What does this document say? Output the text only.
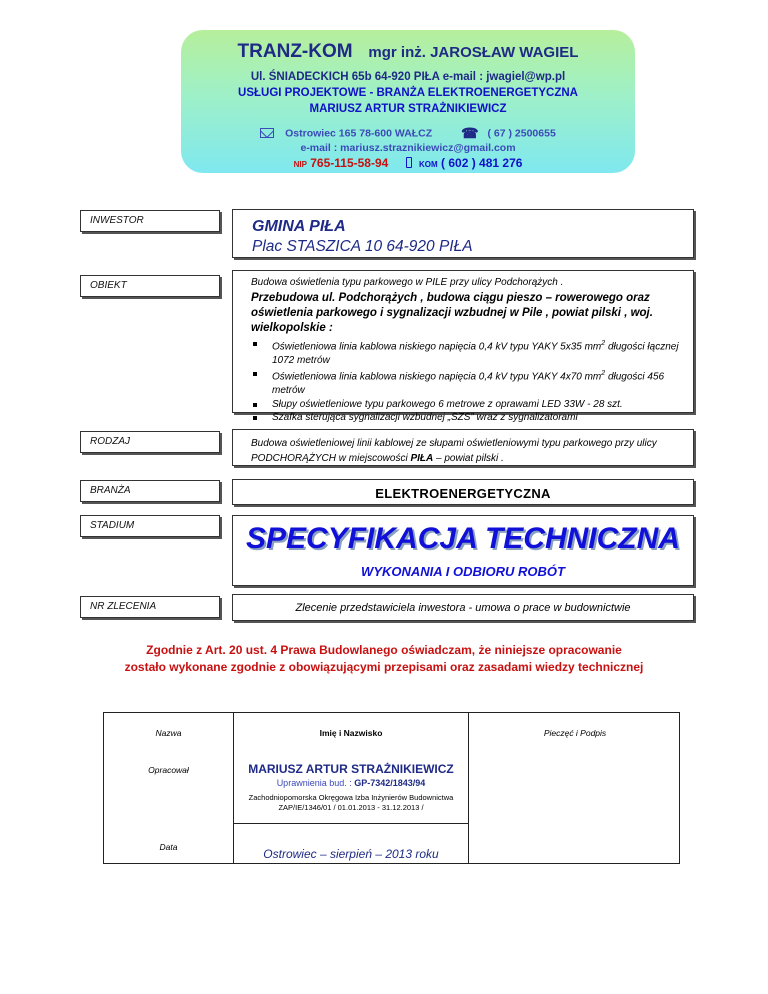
TRANZ-KOM mgr inż. JAROSŁAW WAGIEL
Ul. ŚNIADECKICH 65b 64-920 PIŁA e-mail : jwagiel@wp.pl
USŁUGI PROJEKTOWE - BRANŻA ELEKTROENERGETYCZNA
MARIUSZ ARTUR STRAŻNIKIEWICZ
Ostrowiec 165 78-600 WAŁCZ ☎ ( 67 ) 2500655
e-mail : mariusz.straznikiewicz@gmail.com
NIP 765-115-58-94	KOM ( 602 ) 481 276
INWESTOR	GMINA PIŁA
Plac STASZICA 10 64-920 PIŁA
OBIEKT	Budowa oświetlenia typu parkowego w PILE przy ulicy Podchorążych .
Przebudowa ul. Podchorążych , budowa ciągu pieszo – rowerowego oraz oświetlenia parkowego i sygnalizacji wzbudnej w Pile , powiat pilski , woj. wielkopolskie :
Oświetleniowa linia kablowa niskiego napięcia 0,4 kV typu YAKY 5x35 $mm^2$ długości łącznej 1072 metrów
Oświetleniowa linia kablowa niskiego napięcia 0,4 kV typu YAKY 4x70 $mm^2$ długości 456 metrów
Słupy oświetleniowe typu parkowego 6 metrowe z oprawami LED 33W - 28 szt.
Szafka sterująca sygnalizacji wzbudnej „SZS” wraz z sygnalizatorami
RODZAJ	Budowa oświetleniowej linii kablowej ze słupami oświetleniowymi typu parkowego przy ulicy PODCHORĄŻYCH w miejscowości PIŁA – powiat pilski .
BRANŻA	ELEKTROENERGETYCZNA
STADIUM	SPECYFIKACJA TECHNICZNA
WYKONANIA I ODBIORU ROBÓT
NR ZLECENIA	Zlecenie przedstawiciela inwestora - umowa o prace w budownictwie
Zgodnie z Art. 20 ust. 4 Prawa Budowlanego oświadczam, że niniejsze opracowanie
zostało wykonane zgodnie z obowiązującymi przepisami oraz zasadami wiedzy technicznej
Nazwa	Imię i Nazwisko	Pieczęć i Podpis
Opracował	MARIUSZ ARTUR STRAŻNIKIEWICZ
Uprawnienia bud. : GP-7342/1843/94
Zachodniopomorska Okręgowa Izba Inżynierów Budownictwa
ZAP/IE/1346/01 / 01.01.2013 - 31.12.2013 /
Data	Ostrowiec – sierpień – 2013 roku
